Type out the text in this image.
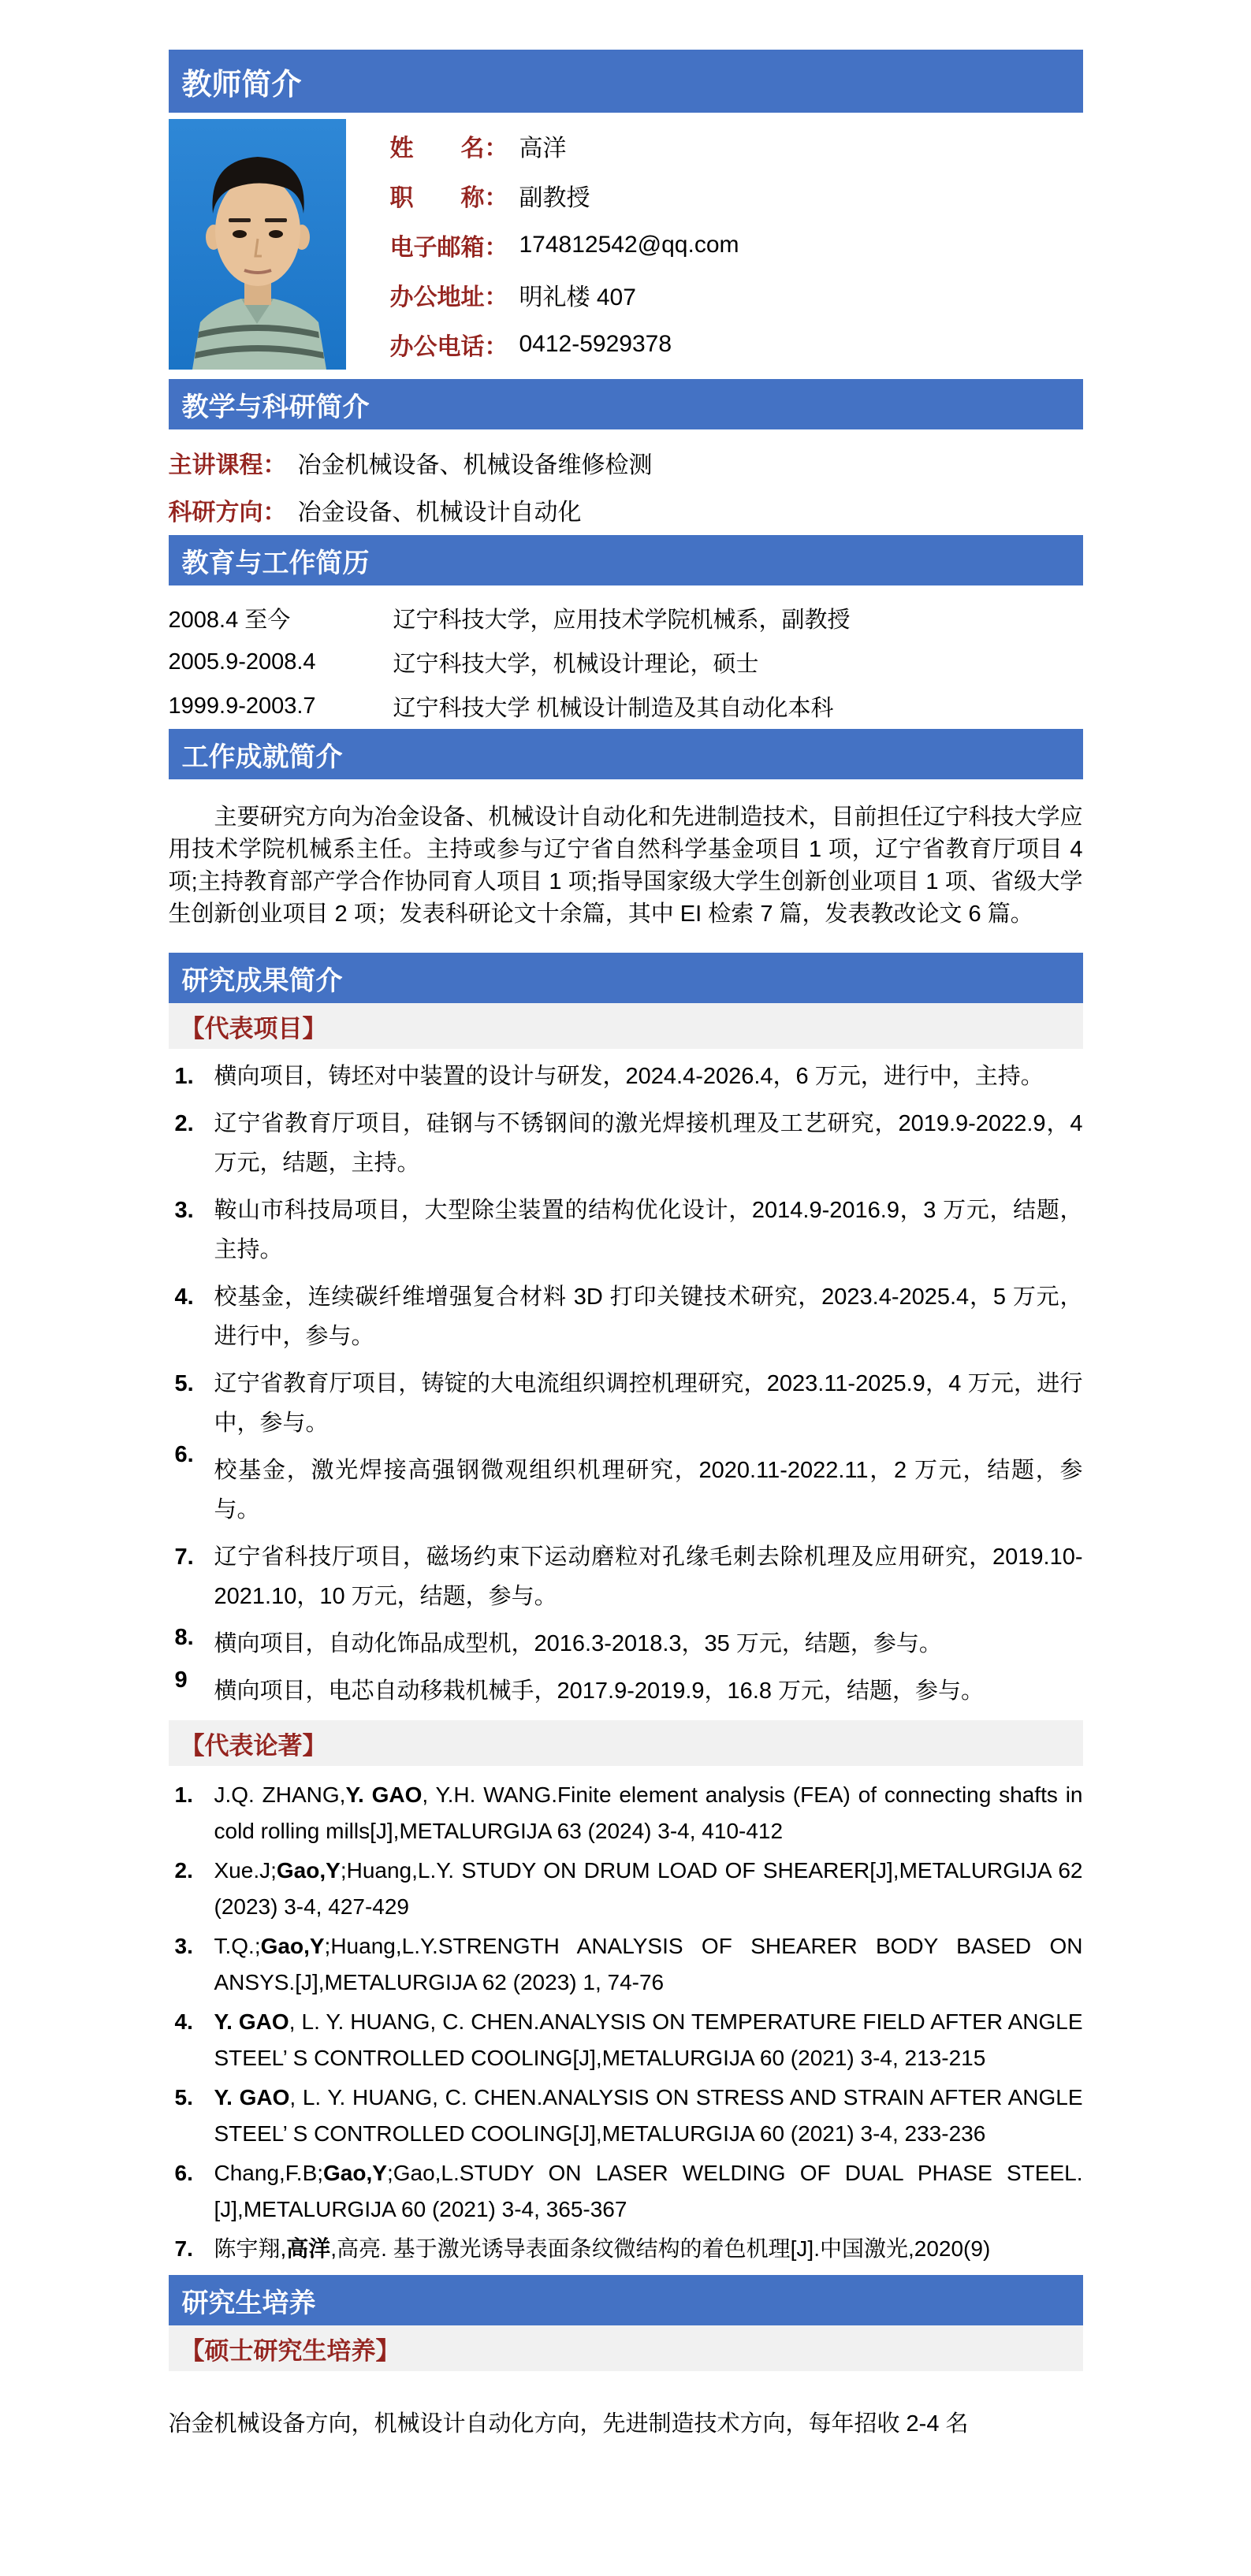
教师简介
姓　　名： 高洋
职　　称： 副教授
电子邮箱： 174812542@qq.com
办公地址： 明礼楼 407
办公电话： 0412-5929378
教学与科研简介
主讲课程： 冶金机械设备、机械设备维修检测
科研方向： 冶金设备、机械设计自动化
教育与工作简历
2008.4 至今	辽宁科技大学，应用技术学院机械系，副教授
2005.9-2008.4	辽宁科技大学，机械设计理论，硕士
1999.9-2003.7	辽宁科技大学 机械设计制造及其自动化本科
工作成就简介

主要研究方向为冶金设备、机械设计自动化和先进制造技术，目前担任辽宁科技大学应用技术学院机械系主任。主持或参与辽宁省自然科学基金项目 1 项，辽宁省教育厅项目 4 项;主持教育部产学合作协同育人项目 1 项;指导国家级大学生创新创业项目 1 项、省级大学生创新创业项目 2 项；发表科研论文十余篇，其中 EI 检索 7 篇，发表教改论文 6 篇。

研究成果简介
【代表项目】
1. 横向项目，铸坯对中装置的设计与研发，2024.4-2026.4，6 万元，进行中，主持。
2. 辽宁省教育厅项目，硅钢与不锈钢间的激光焊接机理及工艺研究，2019.9-2022.9，4 万元，结题，主持。
3. 鞍山市科技局项目，大型除尘装置的结构优化设计，2014.9-2016.9，3 万元，结题，主持。
4. 校基金，连续碳纤维增强复合材料 3D 打印关键技术研究，2023.4-2025.4，5 万元，进行中，参与。
5. 辽宁省教育厅项目，铸锭的大电流组织调控机理研究，2023.11-2025.9，4 万元，进行中，参与。
6.
校基金，激光焊接高强钢微观组织机理研究，2020.11-2022.11，2 万元，结题，参与。
7. 辽宁省科技厅项目，磁场约束下运动磨粒对孔缘毛刺去除机理及应用研究，2019.10-2021.10，10 万元，结题，参与。
8. 横向项目，自动化饰品成型机，2016.3-2018.3，35 万元，结题，参与。
9	横向项目，电芯自动移栽机械手，2017.9-2019.9，16.8 万元，结题，参与。
【代表论著】
1. J.Q. ZHANG,Y. GAO, Y.H. WANG.Finite element analysis (FEA) of connecting shafts in cold rolling mills[J],METALURGIJA 63 (2024) 3-4, 410-412
2. Xue.J;Gao,Y;Huang,L.Y. STUDY ON DRUM LOAD OF SHEARER[J],METALURGIJA 62 (2023) 3-4, 427-429
3. T.Q.;Gao,Y;Huang,L.Y.STRENGTH ANALYSIS OF SHEARER BODY BASED ON ANSYS.[J],METALURGIJA 62 (2023) 1, 74-76
4. Y. GAO, L. Y. HUANG, C. CHEN.ANALYSIS ON TEMPERATURE FIELD AFTER ANGLE STEEL’ S CONTROLLED COOLING[J],METALURGIJA 60 (2021) 3-4, 213-215
5. Y. GAO, L. Y. HUANG, C. CHEN.ANALYSIS ON STRESS AND STRAIN AFTER ANGLE STEEL’ S CONTROLLED COOLING[J],METALURGIJA 60 (2021) 3-4, 233-236
6. Chang,F.B;Gao,Y;Gao,L.STUDY ON LASER WELDING OF DUAL PHASE STEEL.[J],METALURGIJA 60 (2021) 3-4, 365-367
7. 陈宇翔,高洋,高亮. 基于激光诱导表面条纹微结构的着色机理[J].中国激光,2020(9)
研究生培养
【硕士研究生培养】
冶金机械设备方向，机械设计自动化方向，先进制造技术方向，每年招收 2-4 名
